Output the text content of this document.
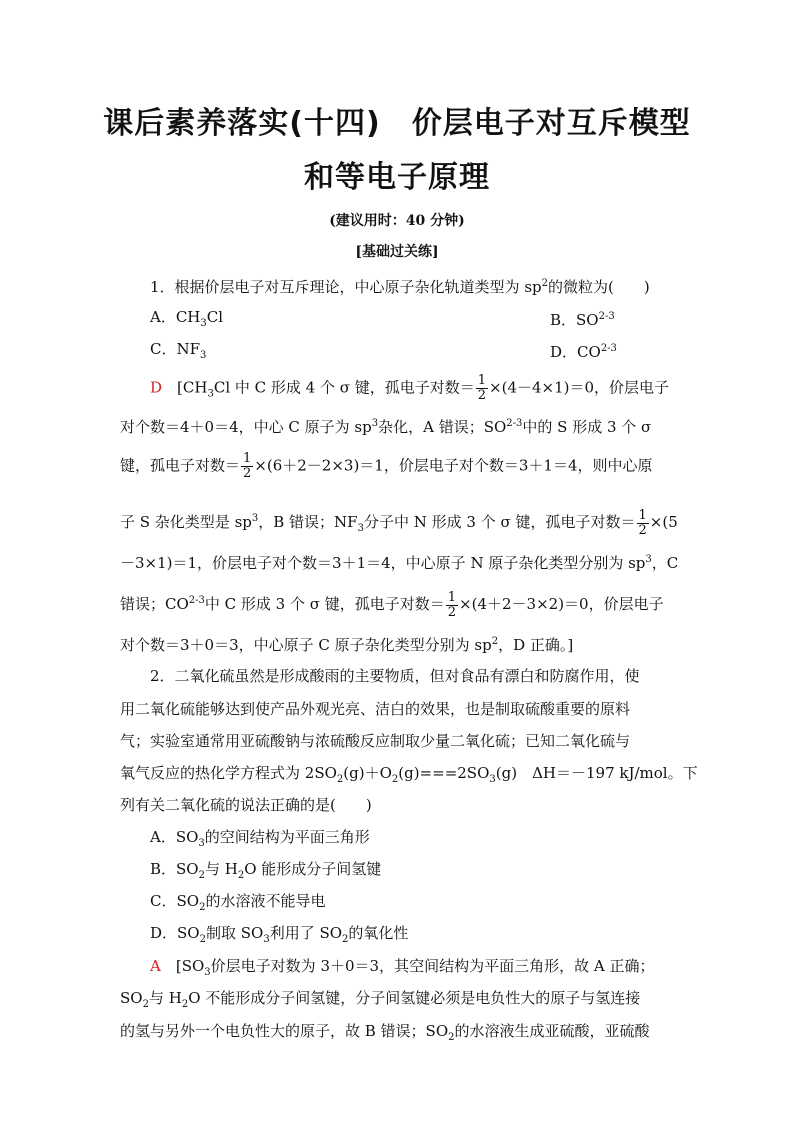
课后素养落实(十四)　价层电子对互斥模型
和等电子原理
(建议用时：40 分钟)
[基础过关练]
1．根据价层电子对互斥理论，中心原子杂化轨道类型为 $sp^2$的微粒为(　　)
A．$CH_3Cl$	B．SO$^{2-3}$
C．$NF_3$	D．CO$^{2-3}$
D　 [$CH_3Cl$ 中 C 形成 4 个 σ 键，孤电子对数＝ $\frac{1}{2} \times(4-4\times 1)=0$，价层电子
对个数＝4＋0＝4，中心 C 原子为 $sp^3$杂化，A 错误；SO$^{2-3}$中的 S 形成 3 个 σ
键，孤电子对数＝ $\frac{1}{2} \times(6+2-2\times 3)=1$，价层电子对个数＝3＋1＝4，则中心原
子 S 杂化类型是 $sp^3$，B 错误；$NF_3$分子中 N 形成 3 个 σ 键，孤电子对数＝ $\frac{1}{2} \times(5$
－3×1)＝1，价层电子对个数＝3＋1＝4，中心原子 N 原子杂化类型分别为 $sp^3$，C
错误；CO$^{2-3}$中 C 形成 3 个 σ 键，孤电子对数＝ $\frac{1}{2} \times(4+2-3\times 2)=0$，价层电子
对个数＝3＋0＝3，中心原子 C 原子杂化类型分别为 $sp^2$，D 正确。]
2．二氧化硫虽然是形成酸雨的主要物质，但对食品有漂白和防腐作用，使
用二氧化硫能够达到使产品外观光亮、洁白的效果，也是制取硫酸重要的原料
气；实验室通常用亚硫酸钠与浓硫酸反应制取少量二氧化硫；已知二氧化硫与
氧气反应的热化学方程式为 $2SO_2(g)+O_2(g)===2SO_3(g)$　ΔH＝－197 kJ/mol。下
列有关二氧化硫的说法正确的是(　　)
A．$SO_3$的空间结构为平面三角形
B．$SO_2$与 $H_2O$ 能形成分子间氢键
C．$SO_2$的水溶液不能导电
D．$SO_2$制取 $SO_3$利用了 $SO_2$的氧化性
A　 [$SO_3$价层电子对数为 3＋0＝3，其空间结构为平面三角形，故 A 正确；
$SO_2$与 $H_2O$ 不能形成分子间氢键，分子间氢键必须是电负性大的原子与氢连接
的氢与另外一个电负性大的原子，故 B 错误；$SO_2$的水溶液生成亚硫酸，亚硫酸
